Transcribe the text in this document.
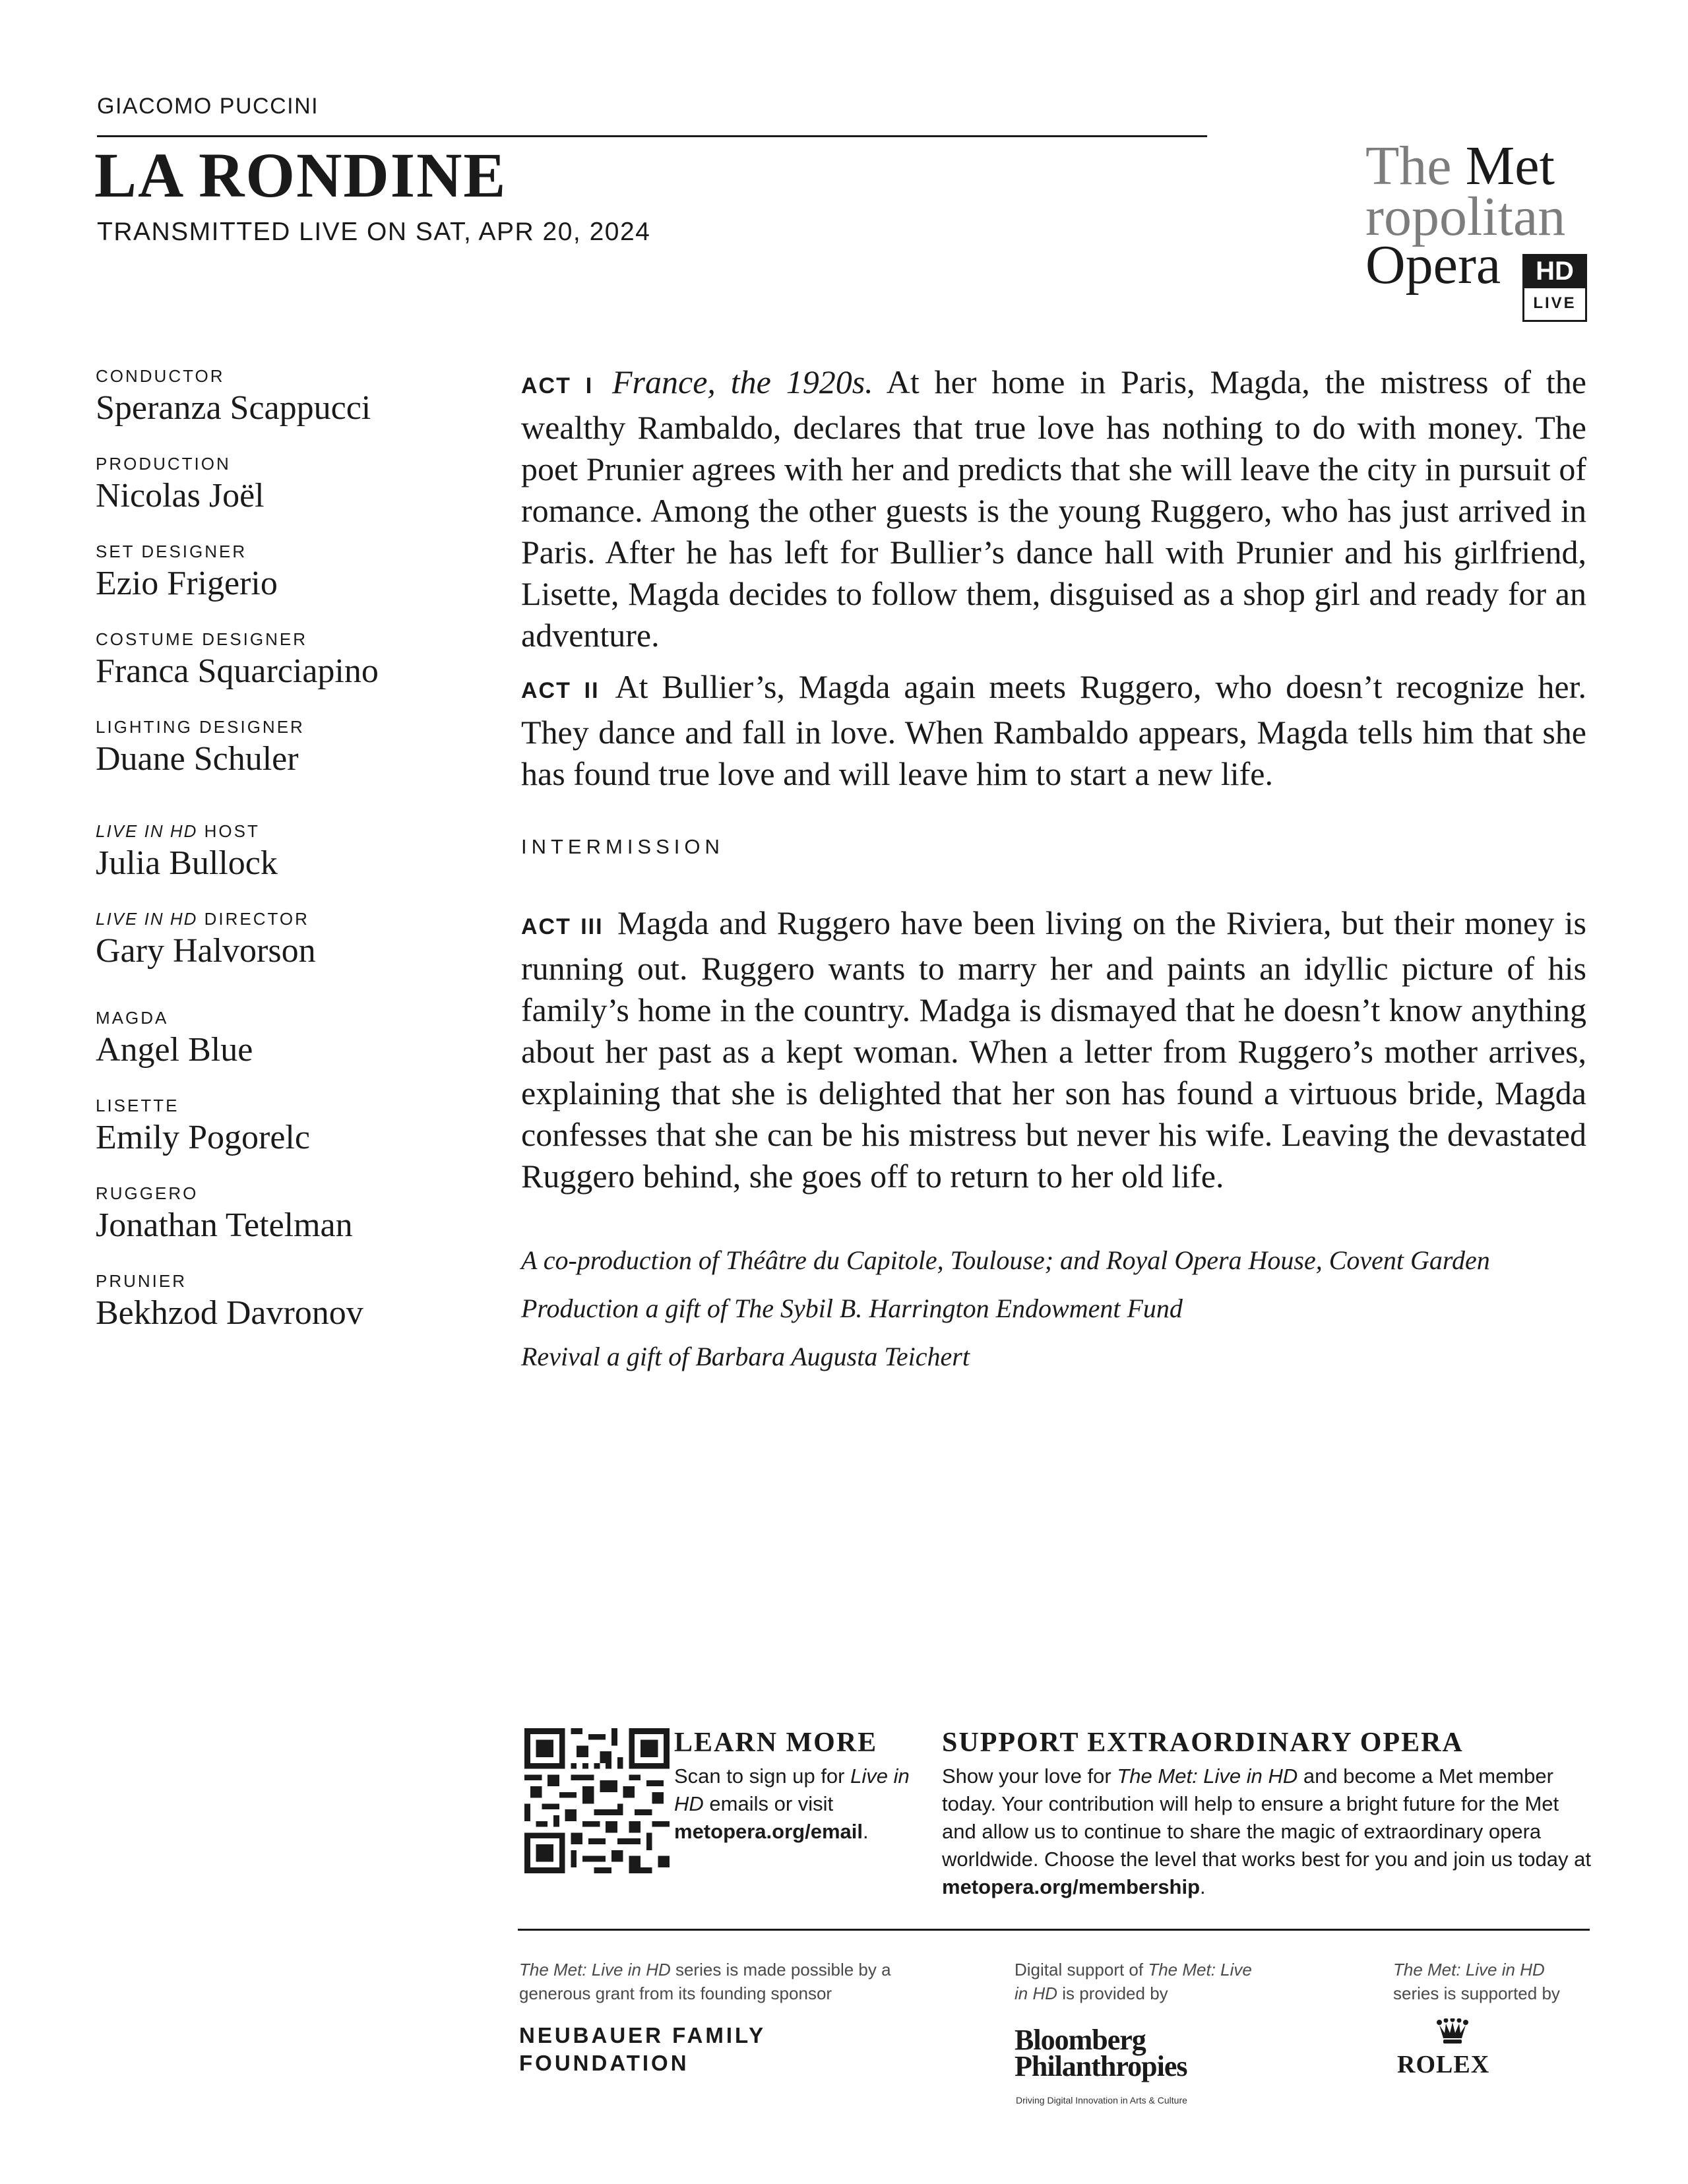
GIACOMO PUCCINI
LA RONDINE
TRANSMITTED LIVE ON SAT, APR 20, 2024
The Met
ropolitan
Opera	HD
LIVE
CONDUCTOR
Speranza Scappucci
PRODUCTION
Nicolas Joël
SET DESIGNER
Ezio Frigerio
COSTUME DESIGNER
Franca Squarciapino
LIGHTING DESIGNER
Duane Schuler
LIVE IN HD HOST
Julia Bullock
LIVE IN HD DIRECTOR
Gary Halvorson
MAGDA
Angel Blue
LISETTE
Emily Pogorelc
RUGGERO
Jonathan Tetelman
PRUNIER
Bekhzod Davronov

ACT I France, the 1920s. At her home in Paris, Magda, the mistress of the wealthy Rambaldo, declares that true love has nothing to do with money. The poet Prunier agrees with her and predicts that she will leave the city in pursuit of romance. Among the other guests is the young Ruggero, who has just arrived in Paris. After he has left for Bullier’s dance hall with Prunier and his girlfriend, Lisette, Magda decides to follow them, disguised as a shop girl and ready for an adventure.

ACT II At Bullier’s, Magda again meets Ruggero, who doesn’t recognize her. They dance and fall in love. When Rambaldo appears, Magda tells him that she has found true love and will leave him to start a new life.

INTERMISSION

ACT III Magda and Ruggero have been living on the Riviera, but their money is running out. Ruggero wants to marry her and paints an idyllic picture of his family’s home in the country. Madga is dismayed that he doesn’t know anything about her past as a kept woman. When a letter from Ruggero’s mother arrives, explaining that she is delighted that her son has found a virtuous bride, Magda confesses that she can be his mistress but never his wife. Leaving the devastated Ruggero behind, she goes off to return to her old life.

A co-production of Théâtre du Capitole, Toulouse; and Royal Opera House, Covent Garden
Production a gift of The Sybil B. Harrington Endowment Fund
Revival a gift of Barbara Augusta Teichert
LEARN MORE
Scan to sign up for Live in HD emails or visit metopera.org/email.
SUPPORT EXTRAORDINARY OPERA
Show your love for The Met: Live in HD and become a Met member today. Your contribution will help to ensure a bright future for the Met and allow us to continue to share the magic of extraordinary opera worldwide. Choose the level that works best for you and join us today at metopera.org/membership.
The Met: Live in HD series is made possible by a generous grant from its founding sponsor
NEUBAUER FAMILY
FOUNDATION
Digital support of The Met: Live in HD is provided by
Bloomberg
Philanthropies
Driving Digital Innovation in Arts & Culture
The Met: Live in HD series is supported by
ROLEX
